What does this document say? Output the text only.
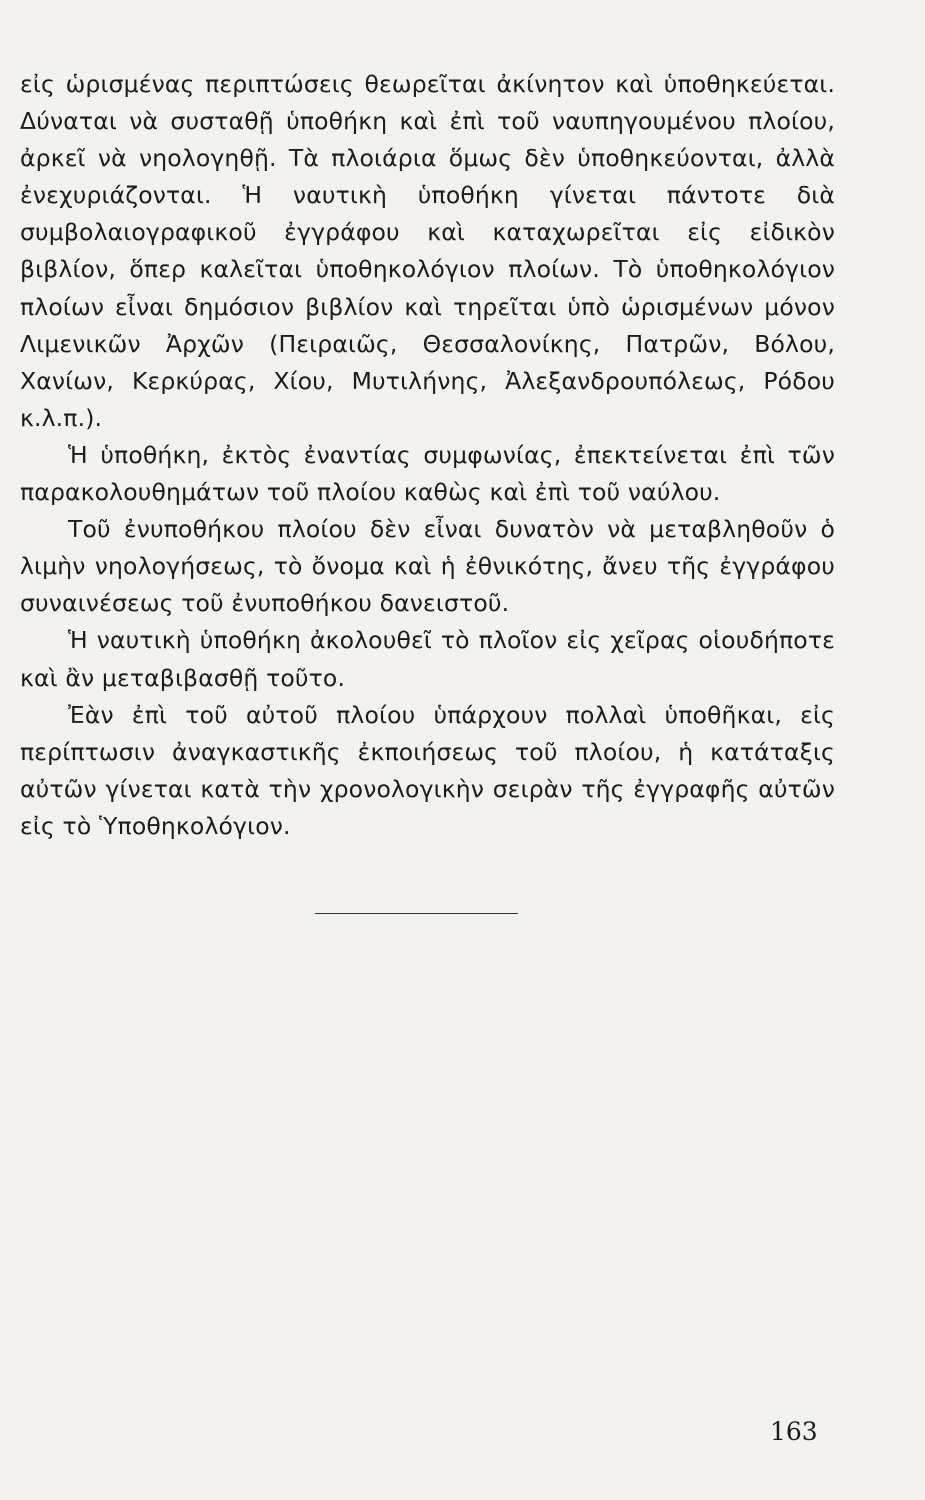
εἰς ὡρισμένας περιπτώσεις θεωρεῖται ἀκίνητον καὶ ὑποθηκεύεται. Δύναται νὰ συσταθῇ ὑποθήκη καὶ ἐπὶ τοῦ ναυπηγουμένου πλοίου, ἀρκεῖ νὰ νηολογηθῇ. Τὰ πλοιάρια ὅμως δὲν ὑποθηκεύονται, ἀλλὰ ἐνεχυριάζονται. Ἡ ναυτικὴ ὑποθήκη γίνεται πάντοτε διὰ συμβολαιογραφικοῦ ἐγγράφου καὶ καταχωρεῖται εἰς εἰδικὸν βιβλίον, ὅπερ καλεῖται ὑποθηκολόγιον πλοίων. Τὸ ὑποθηκολόγιον πλοίων εἶναι δημόσιον βιβλίον καὶ τηρεῖται ὑπὸ ὡρισμένων μόνον Λιμενικῶν Ἀρχῶν (Πειραιῶς, Θεσσαλονίκης, Πατρῶν, Βόλου, Χανίων, Κερκύρας, Χίου, Μυτιλήνης, Ἀλεξανδρουπόλεως, Ρόδου κ.λ.π.).

Ἡ ὑποθήκη, ἐκτὸς ἐναντίας συμφωνίας, ἐπεκτείνεται ἐπὶ τῶν παρακολουθημάτων τοῦ πλοίου καθὼς καὶ ἐπὶ τοῦ ναύλου.

Τοῦ ἐνυποθήκου πλοίου δὲν εἶναι δυνατὸν νὰ μεταβληθοῦν ὁ λιμὴν νηολογήσεως, τὸ ὄνομα καὶ ἡ ἐθνικότης, ἄνευ τῆς ἐγγράφου συναινέσεως τοῦ ἐνυποθήκου δανειστοῦ.

Ἡ ναυτικὴ ὑποθήκη ἀκολουθεῖ τὸ πλοῖον εἰς χεῖρας οἱουδήποτε καὶ ἂν μεταβιβασθῇ τοῦτο.

Ἐὰν ἐπὶ τοῦ αὐτοῦ πλοίου ὑπάρχουν πολλαὶ ὑποθῆκαι, εἰς περίπτωσιν ἀναγκαστικῆς ἐκποιήσεως τοῦ πλοίου, ἡ κατάταξις αὐτῶν γίνεται κατὰ τὴν χρονολογικὴν σειρὰν τῆς ἐγγραφῆς αὐτῶν εἰς τὸ Ὑποθηκολόγιον.

163
